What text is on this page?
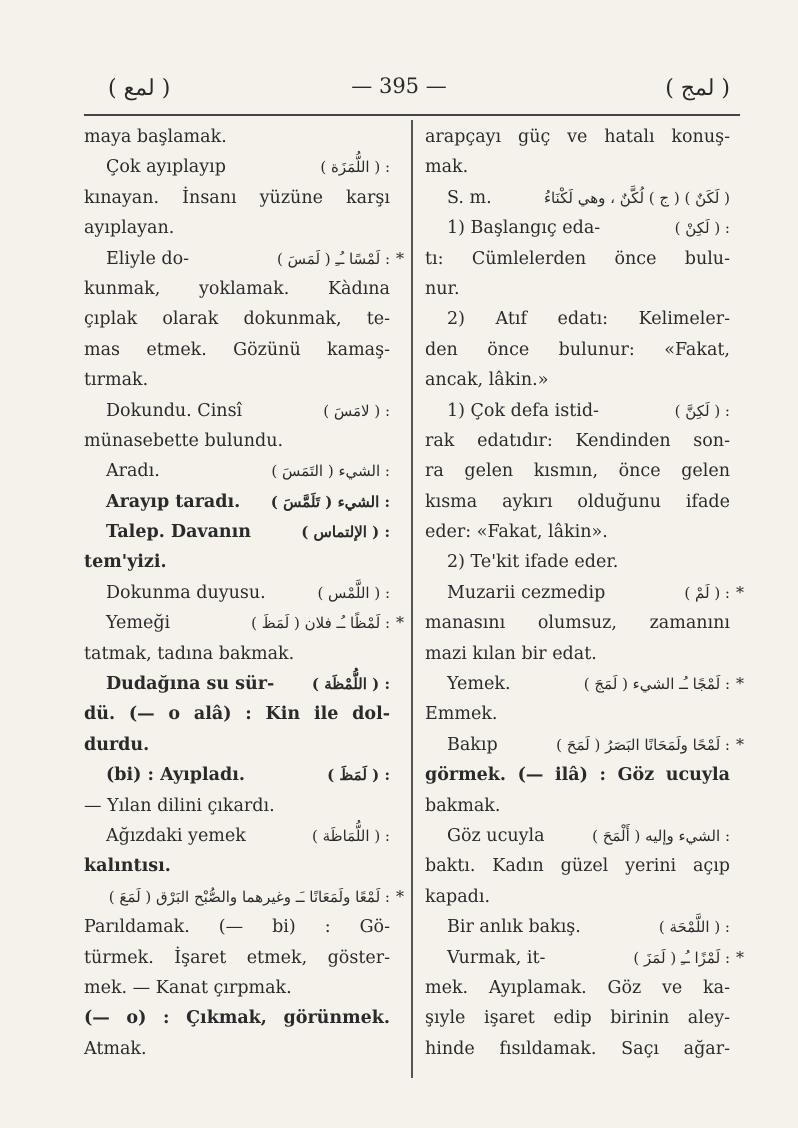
( لمع )	— 395 —	( لمج )
maya başlamak.
Çok ayıplayıp	: ( اللُّمَزَة )
kınayan. İnsanı yüzüne karşı
ayıplayan.
Eliyle do-	: لَمْسًا ـُـِ ( لَمَسَ ) *
kunmak, yoklamak. Kàdına
çıplak olarak dokunmak, te-
mas etmek. Gözünü kamaş-
tırmak.
Dokundu. Cinsî	: ( لامَسَ )
münasebette bulundu.
Aradı.	: الشيء ( التَمَسَ )
Arayıp taradı. : الشيء ( تَلَمَّسَ )
Talep. Davanın	: ( الإلتماس )
tem'yizi.
Dokunma duyusu.	: ( اللَّمْس )
Yemeği	: لَمْظًا ـُـ فلان ( لَمَظَ ) *
tatmak, tadına bakmak.
Dudağına su sür-	: ( اللُّمْظَة )
dü. (— o alâ) : Kin ile dol-
durdu.
(bi) : Ayıpladı.	: ( لَمَظَ )
— Yılan dilini çıkardı.
Ağızdaki yemek	: ( اللُّمَاظَة )
kalıntısı.
: لَمْعًا ولَمَعَانًا ـَـ وغيرهما والصُّبْح البَرْق ( لَمَعَ ) *
Parıldamak. (— bi) : Gö-
türmek. İşaret etmek, göster-
mek. — Kanat çırpmak.
(— o) : Çıkmak, görünmek.
Atmak.
arapçayı güç ve hatalı konuş-
mak.
S. m.	( لَكَنٌ ) ( ج ) لُكَّنٌ ، وهي لَكْنَاءُ
1) Başlangıç eda-	: ( لَكِنْ )
tı: Cümlelerden önce bulu-
nur.
2) Atıf edatı: Kelimeler-
den önce bulunur: «Fakat,
ancak, lâkin.»
1) Çok defa istid-	: ( لَكِنَّ )
rak edatıdır: Kendinden son-
ra gelen kısmın, önce gelen
kısma aykırı olduğunu ifade
eder: «Fakat, lâkin».
2) Te'kit ifade eder.
Muzarii cezmedip	: ( لَمْ ) *
manasını olumsuz, zamanını
mazi kılan bir edat.
Yemek.	: لَمْجًا ـُـ الشيء ( لَمَجَ ) *
Emmek.
Bakıp	: لَمْحًا ولَمَحَانًا البَصَرُ ( لَمَحَ ) *
görmek. (— ilâ) : Göz ucuyla
bakmak.
Göz ucuyla	: الشيء وإليه ( أَلْمَحَ )
baktı. Kadın güzel yerini açıp
kapadı.
Bir anlık bakış.	: ( اللَّمْحَة )
Vurmak, it-	: لَمْزًا ـُـِ ( لَمَزَ ) *
mek. Ayıplamak. Göz ve ka-
şıyle işaret edip birinin aley-
hinde fısıldamak. Saçı ağar-
